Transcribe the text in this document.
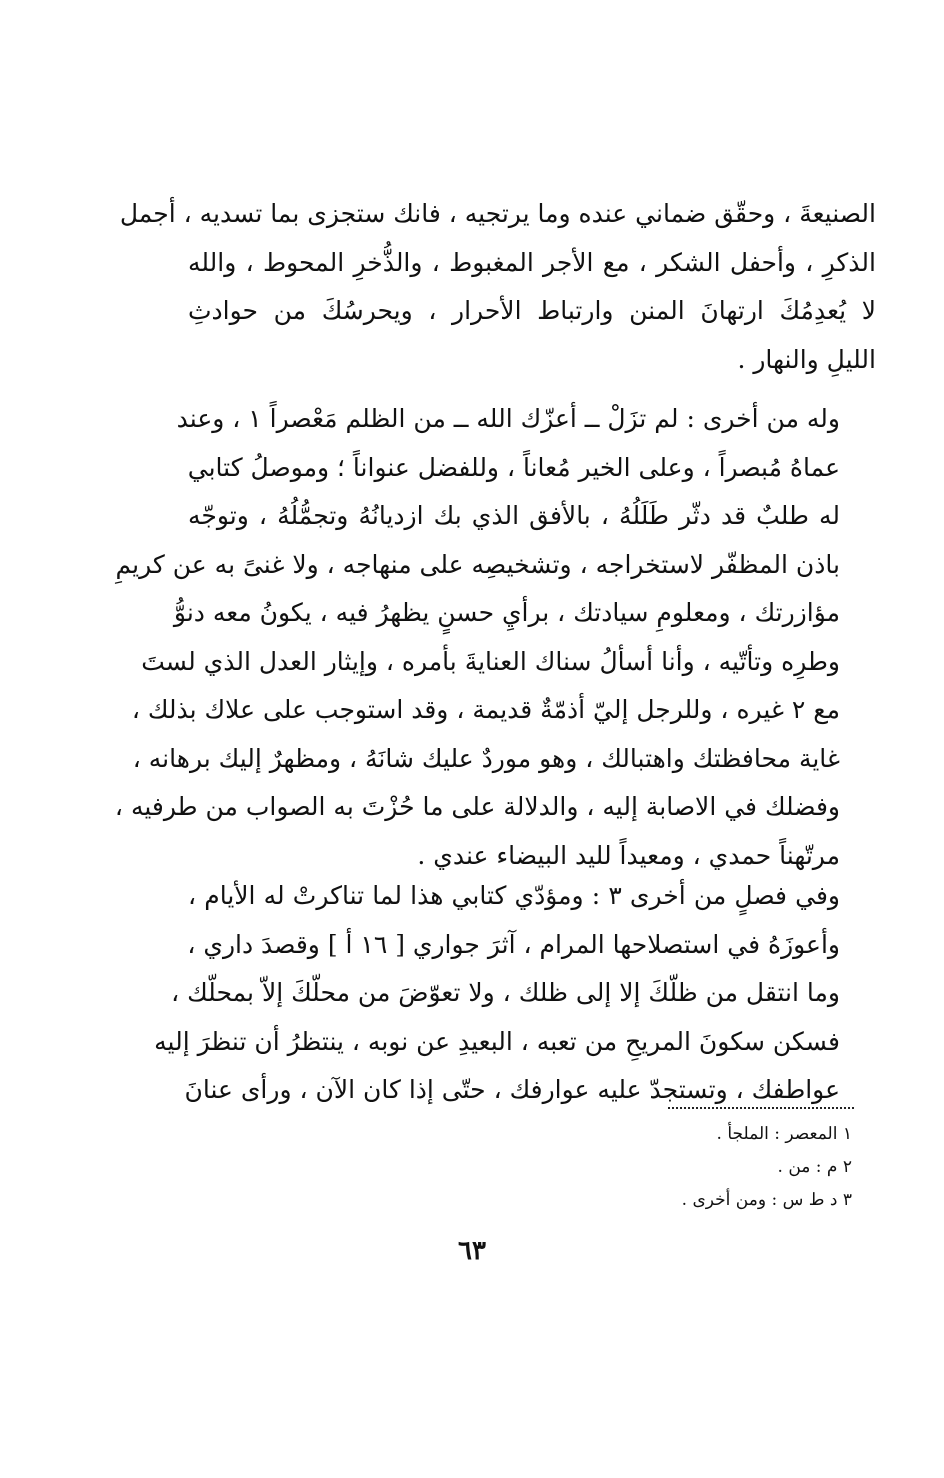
الصنيعةَ ، وحقّق ضماني عنده وما يرتجيه ، فانك ستجزى بما تسديه ، أجمل
الذكرِ ، وأحفل الشكر ، مع الأجر المغبوط ، والذُّخرِ المحوط ، والله
لا يُعدِمُكَ ارتهانَ المنن وارتباط الأحرار ، ويحرسُكَ من حوادثِ
الليلِ والنهار .
وله من أخرى : لم تزَلْ ــ أعزّك الله ــ من الظلم مَعْصراً ١ ، وعند
عماهُ مُبصراً ، وعلى الخير مُعاناً ، وللفضل عنواناً ؛ وموصلُ كتابي
له طلبٌ قد دثّر طَلَلُهُ ، بالأفق الذي بك ازديانُهُ وتجمُّلُهُ ، وتوجّه
باذن المظفّر لاستخراجه ، وتشخيصِه على منهاجه ، ولا غنىً به عن كريمِ
مؤازرتك ، ومعلومِ سيادتك ، برأيِ حسنٍ يظهرُ فيه ، يكونُ معه دنوُّ
وطرِه وتأتّيه ، وأنا أسألُ سناك العنايةَ بأمره ، وإيثار العدل الذي لستَ
مع ٢ غيره ، وللرجل إليّ أذمّةٌ قديمة ، وقد استوجب على علاك بذلك ،
غاية محافظتك واهتبالك ، وهو موردٌ عليك شانَهُ ، ومظهرٌ إليك برهانه ،
وفضلك في الاصابة إليه ، والدلالة على ما حُزْتَ به الصواب من طرفيه ،
مرتّهناً حمدي ، ومعيداً لليد البيضاء عندي .
وفي فصلٍ من أخرى ٣ : ومؤدّي كتابي هذا لما تناكرتْ له الأيام ،
وأعوزَهُ في استصلاحها المرام ، آثرَ جواري [ ١٦ أ ] وقصدَ داري ،
وما انتقل من ظلّكَ إلا إلى ظلك ، ولا تعوّضَ من محلّكَ إلاّ بمحلّك ،
فسكن سكونَ المريحِ من تعبه ، البعيدِ عن نوبه ، ينتظرُ أن تنظرَ إليه
عواطفك ، وتستجدّ عليه عوارفك ، حتّى إذا كان الآن ، ورأى عنانَ
١ المعصر : الملجأ .
٢ م : من .
٣ د ط س : ومن أخرى .
٦٣
